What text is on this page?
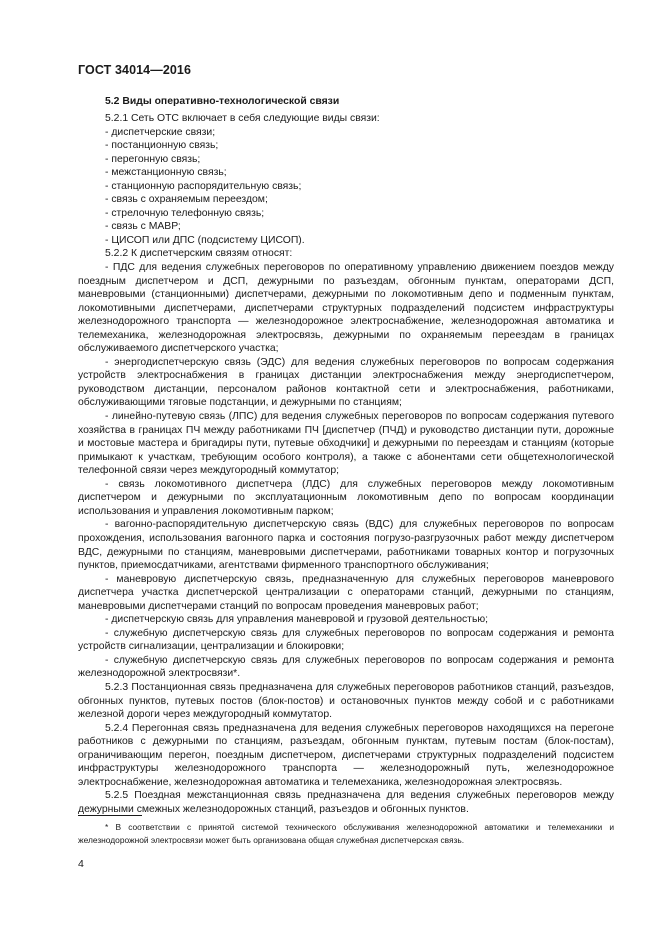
ГОСТ 34014—2016
5.2 Виды оперативно-технологической связи
5.2.1 Сеть ОТС включает в себя следующие виды связи:
- диспетчерские связи;
- постанционную связь;
- перегонную связь;
- межстанционную связь;
- станционную распорядительную связь;
- связь с охраняемым переездом;
- стрелочную телефонную связь;
- связь с МАВР;
- ЦИСОП или ДПС (подсистему ЦИСОП).
5.2.2 К диспетчерским связям относят:
- ПДС для ведения служебных переговоров по оперативному управлению движением поездов между поездным диспетчером и ДСП, дежурными по разъездам, обгонным пунктам, операторами ДСП, маневровыми (станционными) диспетчерами, дежурными по локомотивным депо и подменным пунктам, локомотивными диспетчерами, диспетчерами структурных подразделений подсистем инфраструктуры железнодорожного транспорта — железнодорожное электроснабжение, железнодорожная автоматика и телемеханика, железнодорожная электросвязь, дежурными по охраняемым переездам в границах обслуживаемого диспетчерского участка;
- энергодиспетчерскую связь (ЭДС) для ведения служебных переговоров по вопросам содержания устройств электроснабжения в границах дистанции электроснабжения между энергодиспетчером, руководством дистанции, персоналом районов контактной сети и электроснабжения, работниками, обслуживающими тяговые подстанции, и дежурными по станциям;
- линейно-путевую связь (ЛПС) для ведения служебных переговоров по вопросам содержания путевого хозяйства в границах ПЧ между работниками ПЧ [диспетчер (ПЧД) и руководство дистанции пути, дорожные и мостовые мастера и бригадиры пути, путевые обходчики] и дежурными по переездам и станциям (которые примыкают к участкам, требующим особого контроля), а также с абонентами сети общетехнологической телефонной связи через междугородный коммутатор;
- связь локомотивного диспетчера (ЛДС) для служебных переговоров между локомотивным диспетчером и дежурными по эксплуатационным локомотивным депо по вопросам координации использования и управления локомотивным парком;
- вагонно-распорядительную диспетчерскую связь (ВДС) для служебных переговоров по вопросам прохождения, использования вагонного парка и состояния погрузо-разгрузочных работ между диспетчером ВДС, дежурными по станциям, маневровыми диспетчерами, работниками товарных контор и погрузочных пунктов, приемосдатчиками, агентствами фирменного транспортного обслуживания;
- маневровую диспетчерскую связь, предназначенную для служебных переговоров маневрового диспетчера участка диспетчерской централизации с операторами станций, дежурными по станциям, маневровыми диспетчерами станций по вопросам проведения маневровых работ;
- диспетчерскую связь для управления маневровой и грузовой деятельностью;
- служебную диспетчерскую связь для служебных переговоров по вопросам содержания и ремонта устройств сигнализации, централизации и блокировки;
- служебную диспетчерскую связь для служебных переговоров по вопросам содержания и ремонта железнодорожной электросвязи*.
5.2.3 Постанционная связь предназначена для служебных переговоров работников станций, разъездов, обгонных пунктов, путевых постов (блок-постов) и остановочных пунктов между собой и с работниками железной дороги через междугородный коммутатор.
5.2.4 Перегонная связь предназначена для ведения служебных переговоров находящихся на перегоне работников с дежурными по станциям, разъездам, обгонным пунктам, путевым постам (блок-постам), ограничивающим перегон, поездным диспетчером, диспетчерами структурных подразделений подсистем инфраструктуры железнодорожного транспорта — железнодорожный путь, железнодорожное электроснабжение, железнодорожная автоматика и телемеханика, железнодорожная электросвязь.
5.2.5 Поездная межстанционная связь предназначена для ведения служебных переговоров между дежурными смежных железнодорожных станций, разъездов и обгонных пунктов.
* В соответствии с принятой системой технического обслуживания железнодорожной автоматики и телемеханики и железнодорожной электросвязи может быть организована общая служебная диспетчерская связь.
4
